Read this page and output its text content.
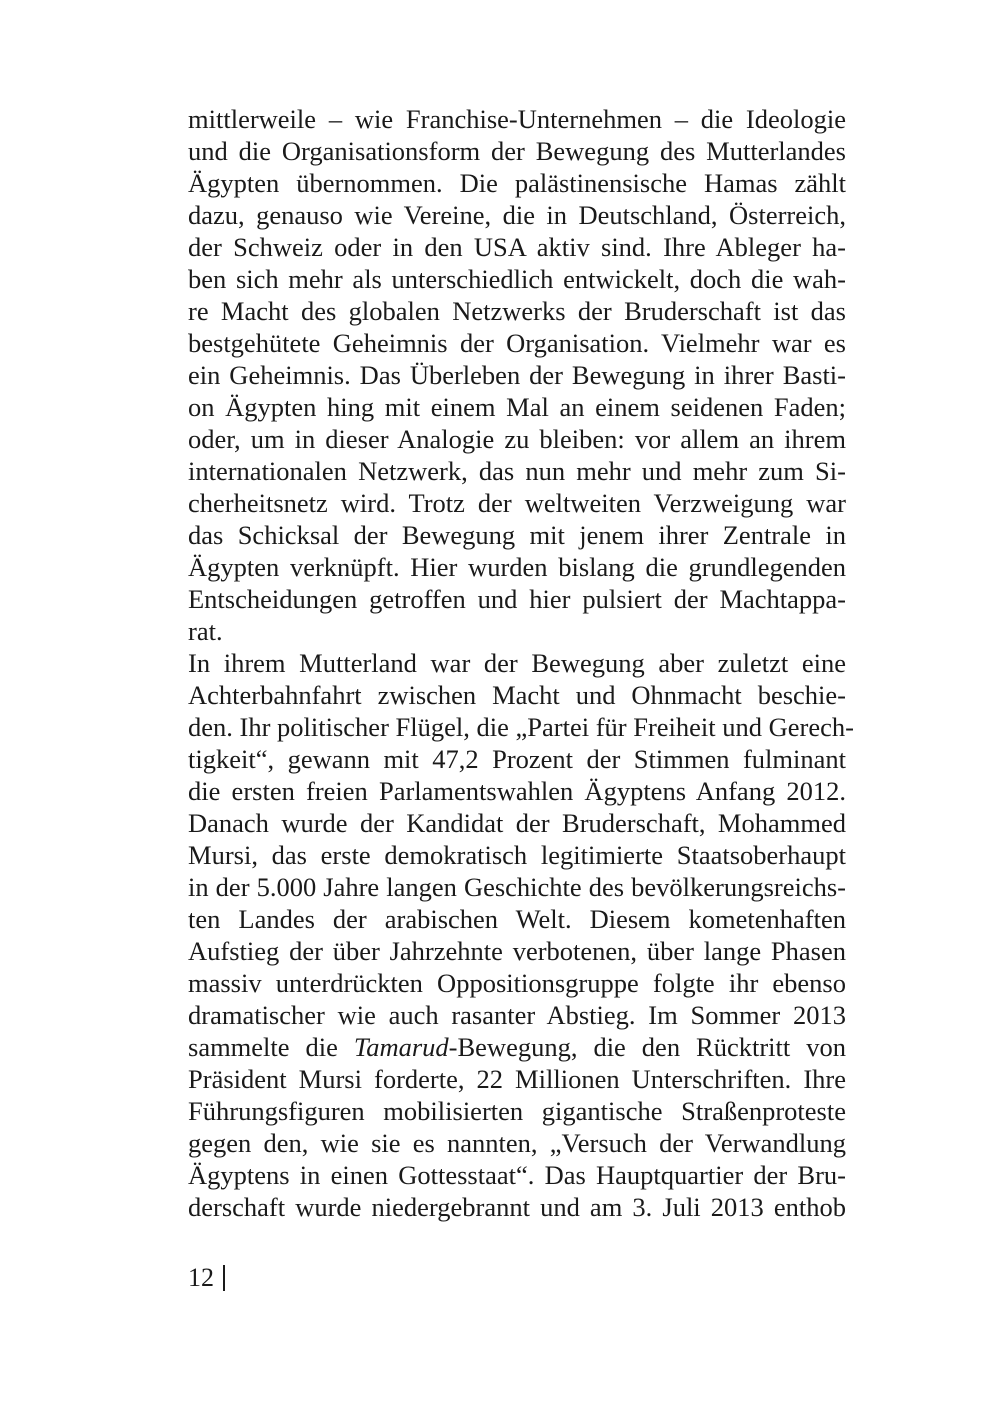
mittlerweile – wie Franchise-Unternehmen – die Ideologie
und die Organisationsform der Bewegung des Mutterlandes
Ägypten übernommen. Die palästinensische Hamas zählt
dazu, genauso wie Vereine, die in Deutschland, Österreich,
der Schweiz oder in den USA aktiv sind. Ihre Ableger ha-
ben sich mehr als unterschiedlich entwickelt, doch die wah-
re Macht des globalen Netzwerks der Bruderschaft ist das
bestgehütete Geheimnis der Organisation. Vielmehr war es
ein Geheimnis. Das Überleben der Bewegung in ihrer Basti-
on Ägypten hing mit einem Mal an einem seidenen Faden;
oder, um in dieser Analogie zu bleiben: vor allem an ihrem
internationalen Netzwerk, das nun mehr und mehr zum Si-
cherheitsnetz wird. Trotz der weltweiten Verzweigung war
das Schicksal der Bewegung mit jenem ihrer Zentrale in
Ägypten verknüpft. Hier wurden bislang die grundlegenden
Entscheidungen getroffen und hier pulsiert der Machtappa-
rat.
In ihrem Mutterland war der Bewegung aber zuletzt eine
Achterbahnfahrt zwischen Macht und Ohnmacht beschie-
den. Ihr politischer Flügel, die „Partei für Freiheit und Gerech-
tigkeit“, gewann mit 47,2 Prozent der Stimmen fulminant
die ersten freien Parlamentswahlen Ägyptens Anfang 2012.
Danach wurde der Kandidat der Bruderschaft, Mohammed
Mursi, das erste demokratisch legitimierte Staatsoberhaupt
in der 5.000 Jahre langen Geschichte des bevölkerungsreichs-
ten Landes der arabischen Welt. Diesem kometenhaften
Aufstieg der über Jahrzehnte verbotenen, über lange Phasen
massiv unterdrückten Oppositionsgruppe folgte ihr ebenso
dramatischer wie auch rasanter Abstieg. Im Sommer 2013
sammelte die Tamarud-Bewegung, die den Rücktritt von
Präsident Mursi forderte, 22 Millionen Unterschriften. Ihre
Führungsfiguren mobilisierten gigantische Straßenproteste
gegen den, wie sie es nannten, „Versuch der Verwandlung
Ägyptens in einen Gottesstaat“. Das Hauptquartier der Bru-
derschaft wurde niedergebrannt und am 3. Juli 2013 enthob
12
